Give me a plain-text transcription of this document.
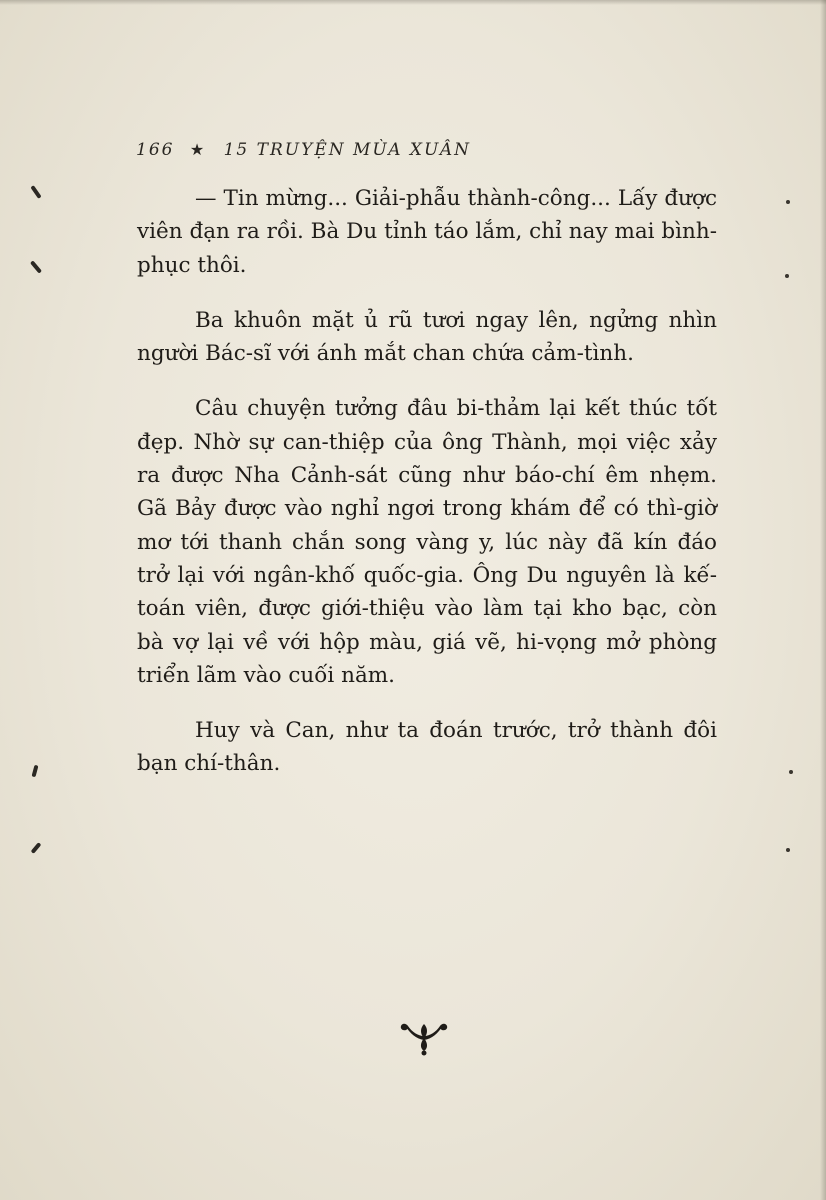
166 ★ 15 TRUYỆN MÙA XUÂN

— Tin mừng... Giải-phẫu thành-công... Lấy được viên đạn ra rồi. Bà Du tỉnh táo lắm, chỉ nay mai bình-phục thôi.

Ba khuôn mặt ủ rũ tươi ngay lên, ngửng nhìn người Bác-sĩ với ánh mắt chan chứa cảm-tình.

Câu chuyện tưởng đâu bi-thảm lại kết thúc tốt đẹp. Nhờ sự can-thiệp của ông Thành, mọi việc xảy ra được Nha Cảnh-sát cũng như báo-chí êm nhẹm. Gã Bảy được vào nghỉ ngơi trong khám để có thì-giờ mơ tới thanh chắn song vàng y, lúc này đã kín đáo trở lại với ngân-khố quốc-gia. Ông Du nguyên là kế-toán viên, được giới-thiệu vào làm tại kho bạc, còn bà vợ lại về với hộp màu, giá vẽ, hi-vọng mở phòng triển lãm vào cuối năm.

Huy và Can, như ta đoán trước, trở thành đôi bạn chí-thân.
